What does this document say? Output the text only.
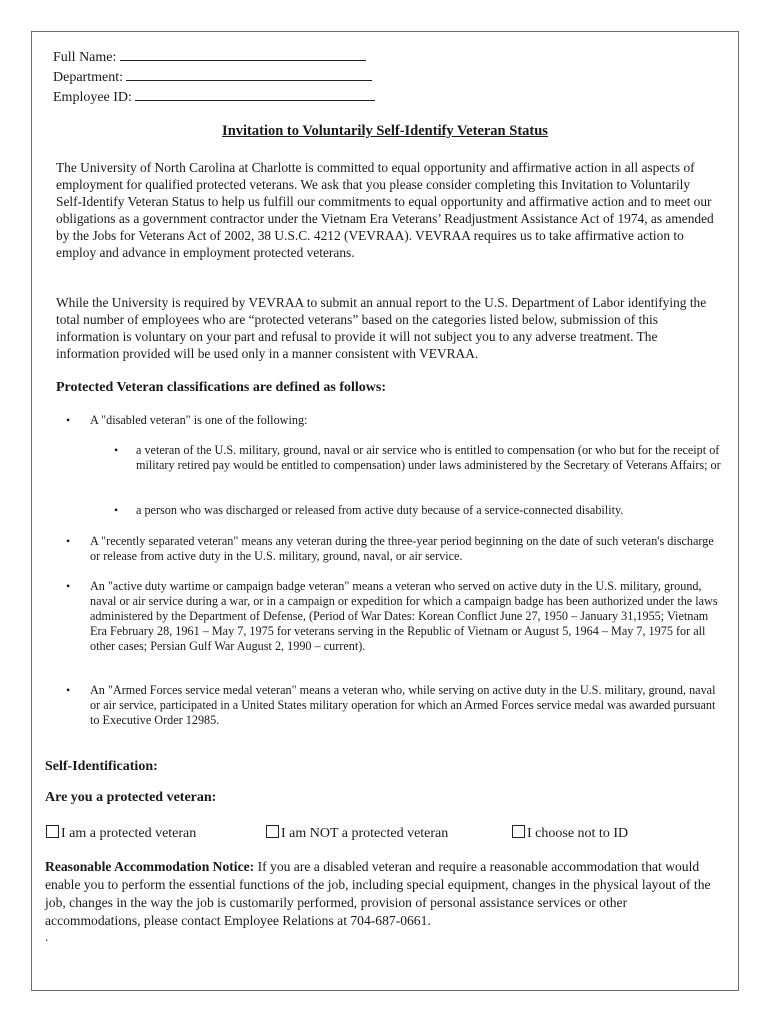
Full Name:
Department:
Employee ID:
Invitation to Voluntarily Self-Identify Veteran Status
The University of North Carolina at Charlotte is committed to equal opportunity and affirmative action in all aspects of employment for qualified protected veterans. We ask that you please consider completing this Invitation to Voluntarily Self-Identify Veteran Status to help us fulfill our commitments to equal opportunity and affirmative action and to meet our obligations as a government contractor under the Vietnam Era Veterans’ Readjustment Assistance Act of 1974, as amended by the Jobs for Veterans Act of 2002, 38 U.S.C. 4212 (VEVRAA). VEVRAA requires us to take affirmative action to employ and advance in employment protected veterans.
While the University is required by VEVRAA to submit an annual report to the U.S. Department of Labor identifying the total number of employees who are “protected veterans” based on the categories listed below, submission of this information is voluntary on your part and refusal to provide it will not subject you to any adverse treatment. The information provided will be used only in a manner consistent with VEVRAA.
Protected Veteran classifications are defined as follows:
• A "disabled veteran" is one of the following:
• a veteran of the U.S. military, ground, naval or air service who is entitled to compensation (or who but for the receipt of military retired pay would be entitled to compensation) under laws administered by the Secretary of Veterans Affairs; or
• a person who was discharged or released from active duty because of a service-connected disability.
• A "recently separated veteran" means any veteran during the three-year period beginning on the date of such veteran's discharge or release from active duty in the U.S. military, ground, naval, or air service.
• An "active duty wartime or campaign badge veteran" means a veteran who served on active duty in the U.S. military, ground, naval or air service during a war, or in a campaign or expedition for which a campaign badge has been authorized under the laws administered by the Department of Defense, (Period of War Dates: Korean Conflict June 27, 1950 – January 31,1955; Vietnam Era February 28, 1961 – May 7, 1975 for veterans serving in the Republic of Vietnam or August 5, 1964 – May 7, 1975 for all other cases; Persian Gulf War August 2, 1990 – current).
• An "Armed Forces service medal veteran" means a veteran who, while serving on active duty in the U.S. military, ground, naval or air service, participated in a United States military operation for which an Armed Forces service medal was awarded pursuant to Executive Order 12985.
Self-Identification:
Are you a protected veteran:
I am a protected veteran	I am NOT a protected veteran	I choose not to ID
Reasonable Accommodation Notice: If you are a disabled veteran and require a reasonable accommodation that would enable you to perform the essential functions of the job, including special equipment, changes in the physical layout of the job, changes in the way the job is customarily performed, provision of personal assistance services or other accommodations, please contact Employee Relations at 704-687-0661.
.
